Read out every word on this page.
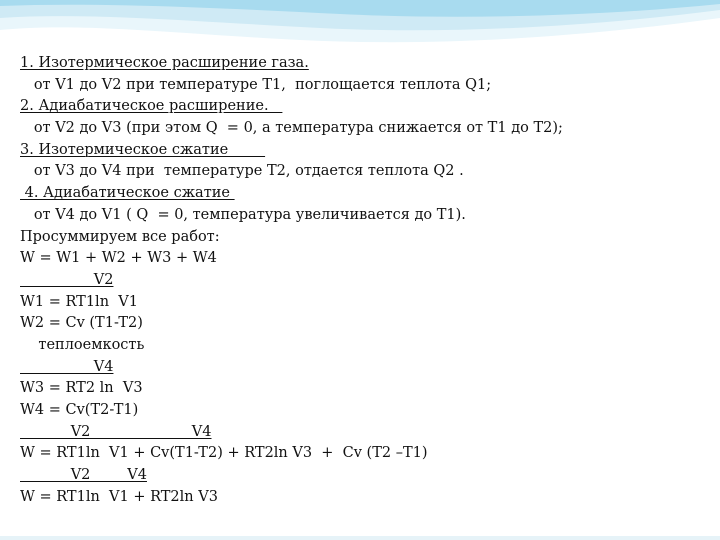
1. Изотермическое расширение газа.
от V1 до V2 при температуре T1,  поглощается теплота Q1;
2. Адиабатическое расширение.
от V2 до V3 (при этом Q  = 0, а температура снижается от T1 до T2);
3. Изотермическое сжатие
от V3 до V4 при  температуре T2, отдается теплота Q2 .
4. Адиабатическое сжатие
от V4 до V1 ( Q  = 0, температура увеличивается до T1).
Просуммируем все работ:
W = W1 + W2 + W3 + W4
V2
W1 = RT1ln  V1
W2 = Cv (T1-T2)
теплоемкость
V4
W3 = RT2 ln  V3
W4 = Cv(T2-T1)
V2                      V4
W = RT1ln  V1 + Cv(T1-T2) + RT2ln V3  +  Cv (T2 –T1)
V2        V4
W = RT1ln  V1 + RT2ln V3
